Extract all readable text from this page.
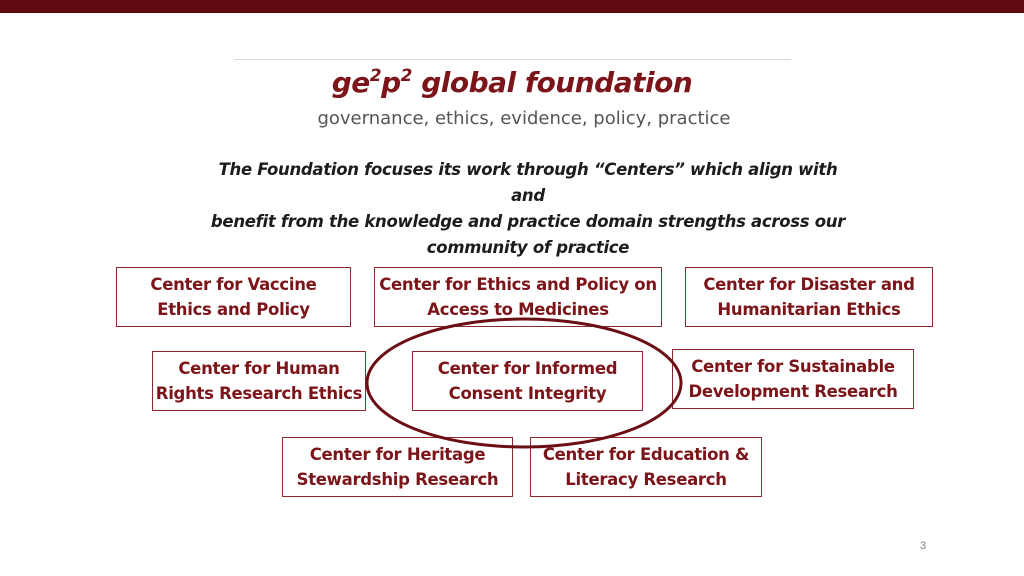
$ge^2p^2$ global foundation
governance, ethics, evidence, policy, practice
The Foundation focuses its work through “Centers” which align with and
benefit from the knowledge and practice domain strengths across our
community of practice
Center for Vaccine
Ethics and Policy
Center for Ethics and Policy on
Access to Medicines
Center for Disaster and
Humanitarian Ethics
Center for Human
Rights Research Ethics
Center for Informed
Consent Integrity
Center for Sustainable
Development Research
Center for Heritage
Stewardship Research
Center for Education &
Literacy Research
3
